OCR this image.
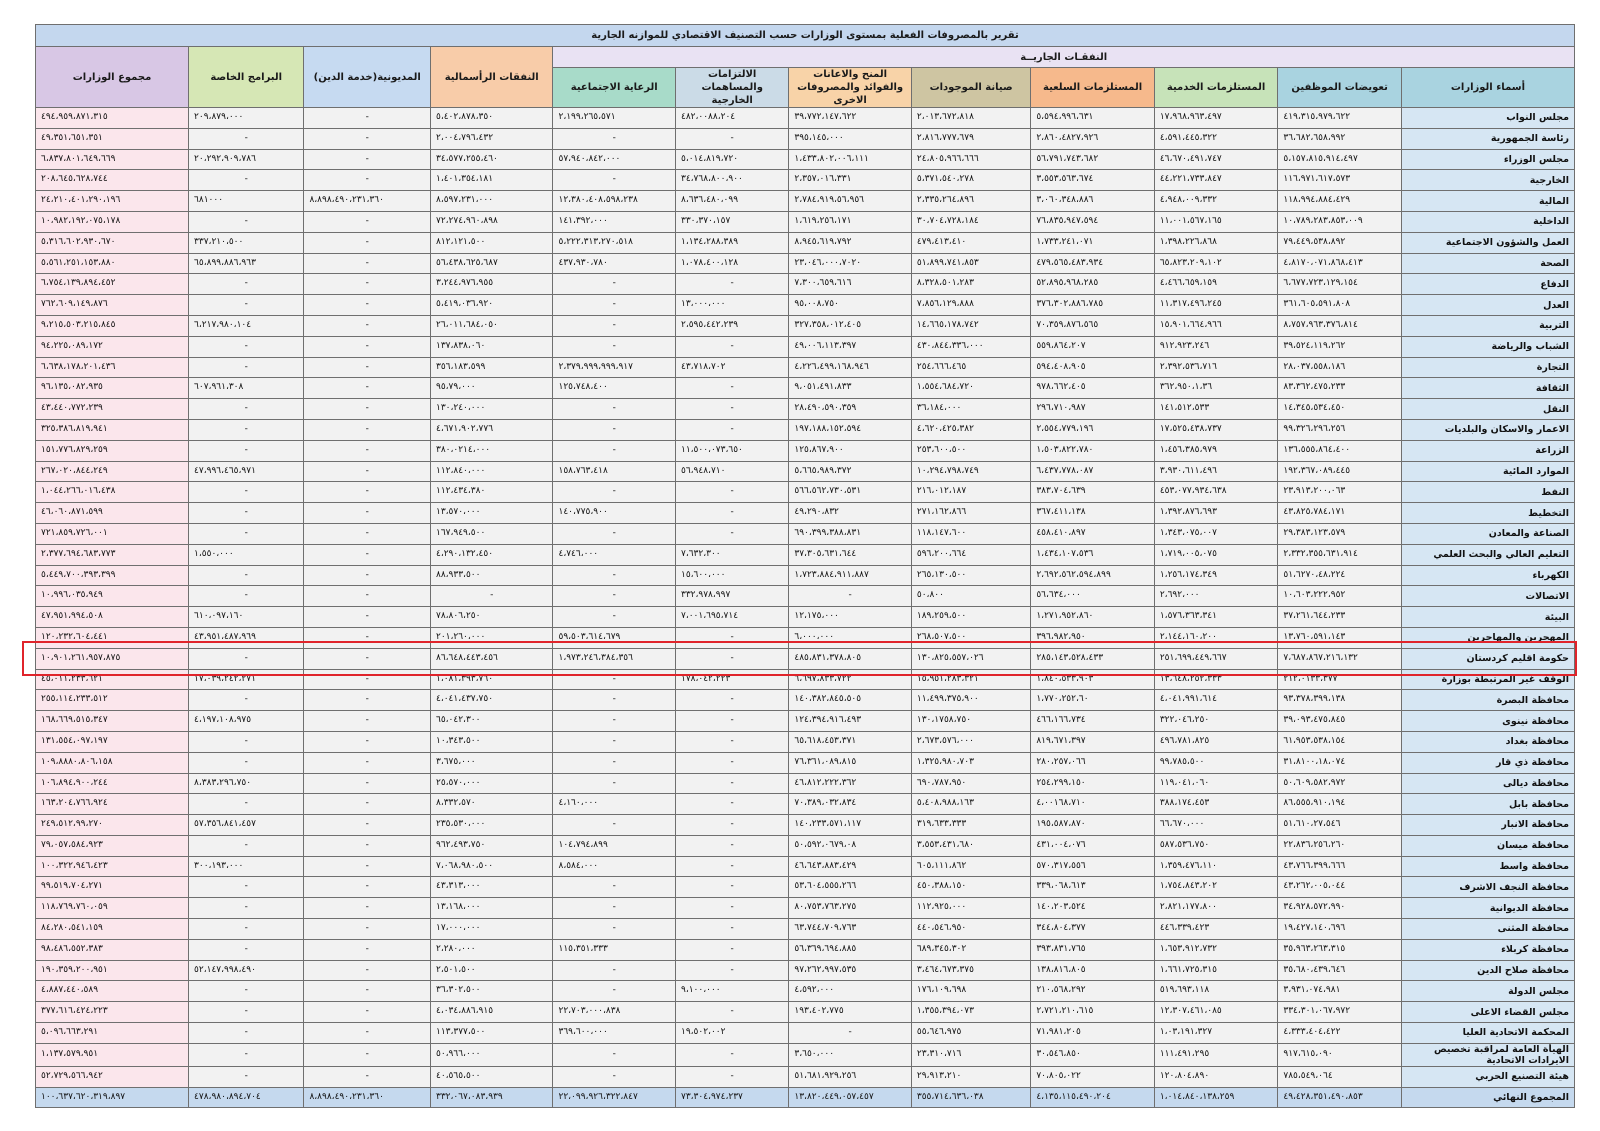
تقرير بالمصروفات الفعلية بمستوى الوزارات حسب التصنيف الاقتصادي للموازنه الجارية											
النفقـات الجاريــة								النفقات الرأسمالية	المديونية(خدمة الدين)	البرامج الخاصة	مجموع الوزارات
أسماء الوزارات	تعويضات الموظفين	المستلزمات الخدمية	المستلزمات السلعية	صيانة الموجودات	المنح والاعانات والفوائد والمصروفات الاخرى	الالتزامات والمساهمات الخارجية	الرعاية الاجتماعية				
مجلس النواب	٤١٩،٣١٥،٩٧٩،٦٢٢	١٧،٩٦٨،٩٦٣،٤٩٧	٥،٥٩٤،٩٩٦،٦٣١	٢،٠١٣،٦٧٢،٨١٨	٣٩،٧٧٢،١٤٧،٦٢٢	٤٨٢،٠٠٨٨،٢٠٤	٢،١٩٩،٢٦٥،٥٧١	٥،٤٠٢،٨٧٨،٣٥٠	-	٢٠٩،٨٧٩،٠٠٠	٤٩٤،٩٥٩،٨٧١،٣١٥
رئاسة الجمهورية	٣٦،٦٨٢،٦٥٨،٩٩٢	٤،٥٩١،٤٤٥،٣٢٢	٢،٨٦٠،٤٨٢٧،٩٢٦	٢،٨١٦،٧٧٧،٦٧٩	٣٩٥،١٤٥،٠٠٠	-	-	٢،٠٠٤،٧٩٦،٤٣٢	-	-	٤٩،٣٥١،٦٥١،٣٥١
مجلس الوزراء	٥،١٥٧،٨١٥،٩١٤،٤٩٧	٤٦،٦٧٠،٤٩١،٧٤٧	٥٦،٧٩١،٧٤٣،٦٨٢	٢٤،٨٠٥،٩٦٦،٦٦٦	١،٤٣٣،٨٠٢،٠٠٦،١١١	٥،٠١٤،٨١٩،٧٢٠	٥٧،٩٤٠،٨٤٢،٠٠٠	٣٤،٥٧٧،٢٥٥،٤٦٠	-	٢٠،٢٩٢،٩٠٩،٧٨٦	٦،٨٣٧،٨٠١،٦٤٩،٦٦٩
الخارجية	١١٦،٩٧١،٦١٧،٥٧٣	٤٤،٢٢١،٧٣٣،٨٤٧	٣،٥٥٣،٥٦٣،٦٧٤	٥،٣٧١،٥٤٠،٢٧٨	٢،٣٥٧،٠١٦،٣٣١	٣٤،٧٦٨،٨٠٠،٩٠٠	-	١،٤٠١،٣٥٤،١٨١	-	-	٢٠٨،٦٤٥،٦٢٨،٧٤٤
المالية	١١٨،٩٩٤،٨٨٤،٤٢٩	٤،٩٤٨،٠٠٩،٣٣٢	٣،٠٦٠،٣٤٨،٨٨٦	٢،٣٣٥،٢٦٤،٨٩٦	٢،٧٨٤،٩١٩،٥٦،٩٥٦	٨،٦٣٦،٤٨٠،٠٩٩	١٢،٣٨٠،٤٠٨،٥٩٨،٢٣٨	٨،٥٩٧،٢٣١،٠٠٠	٨،٨٩٨،٤٩٠،٢٣١،٣٦٠	٦٨١٠٠٠	٢٤،٢١٠،٤٠١،٢٩٠،١٩٦
الداخلية	١٠،٧٨٩،٢٨٣،٨٥٣،٠٠٩	١١،٠٠١،٥٦٧،١٦٥	٧٦،٨٣٥،٩٤٧،٥٩٤	٣٠،٧٠٤،٧٢٨،١٨٤	١،٦١٩،٢٥٦،١٧١	٣٣٠،٣٧٠،١٥٧	١٤١،٣٩٢،٠٠٠	٧٢،٢٧٤،٩٦٠،٨٩٨	-	-	١٠،٩٨٢،١٩٢،٠٧٥،١٧٨
العمل والشؤون الاجتماعية	٧٩،٤٤٩،٥٣٨،٨٩٢	١،٣٩٨،٢٢٦،٨٦٨	١،٧٣٣،٢٤١،٠٧١	٤٧٩،٤١٣،٤١٠	٨،٩٤٥،٦١٩،٧٩٢	١،١٣٤،٢٨٨،٣٨٩	٥،٢٢٢،٣١٣،٢٧٠،٥١٨	٨١٢،١٢١،٥٠٠	-	٣٣٧،٢١٠،٥٠٠	٥،٣١٦،٦٠٢،٩٣٠،٦٧٠
الصحة	٤،٨١٧٠،٠٧١،٨٦٨،٤١٣	٦٥،٨٢٣،٢٠٩،١٠٢	٤٧٩،٥٦٥،٤٨٣،٩٣٤	٥١،٨٩٩،٧٤١،٨٥٣	٢٣،٠٤٦،٠٠٠،٧٠٢٠	١،٠٧٨،٤٠٠،١٢٨	٤٣٧،٩٣٠،٧٨٠	٥٦،٤٣٨،٦٢٥،٦٨٧	-	٦٥،٨٩٩،٨٨٦،٩٦٣	٥،٥٦١،٢٥١،١٥٣،٨٨٠
الدفاع	٦،٦٧٧،٧٢٣،١٢٩،١٥٤	٤،٤٦٦،٦٥٩،١٥٩	٥٢،٨٩٥،٩٦٨،٢٨٥	٨،٣٢٨،٥٠١،٢٨٣	٧،٣٠٠،٦٥٩،٦١٦	-	-	٣،٢٤٤،٩٧٦،٩٥٥	-	-	٦،٧٥٤،١٣٩،٨٩٤،٤٥٢
العدل	٣٦١،٦٠٥،٥٩١،٨٠٨	١١،٣١٧،٤٩٦،٢٤٥	٣٧٦،٣٠٢،٨٨٦،٧٨٥	٧،٨٥٦،١٢٩،٨٨٨	٩٥،٠٠٨،٧٥٠	١٣،٠٠٠،٠٠٠	-	٥،٤١٩،٠٣٦،٩٢٠	-	-	٧٦٢،٦٠٩،١٤٩،٨٧٦
التربية	٨،٧٥٧،٩٦٣،٣٧٦،٨١٤	١٥،٩٠١،٦٦٤،٩٦٦	٧٠،٣٥٩،٨٧٦،٥٦٥	١٤،٦٦٥،١٧٨،٧٤٢	٣٢٧،٣٥٨،٠١٢،٤٠٥	٢،٥٩٥،٤٤٢،٢٣٩	-	٢٦،٠١١،٦٨٤،٠٥٠	-	٦،٢١٧،٩٨٠،١٠٤	٩،٢١٥،٥٠٣،٢١٥،٨٤٥
الشباب والرياضة	٣٩،٥٢٤،١١٩،٢٦٢	٩١٢،٩٢٣،٢٤٦	٥٥٩،٨٦٤،٢٠٧	٤٣٠،٨٤٤،٣٣٦،٠٠٠	٤٩،٠٠٦،١١٣،٣٩٧	-	-	١٣٧،٨٣٨،٠٦٠	-	-	٩٤،٢٢٥،٠٨٩،١٧٢
التجارة	٢٨،٠٣٧،٥٥٨،١٨٦	٢،٣٩٢،٥٣٦،٧١٦	٥٩٤،٤٠٨،٩٠٥	٢٥٤،٦٦٦،٤٦٥	٤،٢٢٦،٤٩٩،١٦٨،٩٤٦	٤٣،٧١٨،٧٠٢	٢،٣٧٩،٩٩٩،٩٩٩،٩١٧	٣٥٦،١٨٣،٥٩٩	-	-	٦،٦٣٨،١٧٨،٢٠١،٤٣٦
الثقافة	٨٣،٣٦٢،٤٧٥،٢٣٣	٣٦٢،٩٥٠،١،٣٦	٩٧٨،٦٦٢،٤٠٥	١،٥٥٤،٦٨٤،٧٢٠	٩،٠٥١،٤٩١،٨٣٣	-	١٢٥،٧٤٨،٤٠٠	٩٥،٧٩،٠٠٠	-	٦٠٧،٩٦١،٣٠٨	٩٦،١٣٥،٠٨٢،٩٣٥
النقل	١٤،٣٤٥،٥٣٤،٤٥٠	١٤١،٥١٢،٥٣٣	٢٩٦،٧١٠،٩٨٧	٣٦،١٨٤،٠٠٠	٢٨،٤٩٠،٥٩٠،٣٥٩	-	-	١٣٠،٢٤٠،٠٠٠	-	-	٤٣،٤٤٠،٧٧٢،٢٣٩
الاعمار والاسكان والبلديات	٩٩،٣٢٦،٢٩٦،٢٥٦	١٧،٥٢٥،٤٣٨،٧٣٧	٢،٥٥٤،٧٧٩،١٩٦	٤،٦٢٠،٤٢٥،٣٨٢	١٩٧،١٨٨،١٥٢،٥٩٤	-	-	٤،٦٧١،٩٠٢،٧٧٦	-	-	٣٢٥،٣٨٦،٨١٩،٩٤١
الزراعة	١٣٦،٥٥٥،٨٦٤،٤٠٠	١،٤٥٦،٣٨٥،٩٧٩	١،٥٠٣،٨٢٢،٧٨٠	٢٥٣،٦٠٠،٥٠٠	١٢٥،٨٦٧،٩٠٠	١١،٥٠٠،٠٧٣،٦٥٠	-	٣٨٠،٠٢١٤،٠٠٠	-	-	١٥١،٧٧٦،٨٢٩،٢٥٩
الموارد المائية	١٩٢،٣٦٧،٠٨٩،٤٤٥	٣،٩٣٠،٦١١،٤٩٦	٦،٤٣٧،٧٧٨،٠٨٧	١٠،٢٩٤،٧٩٨،٧٤٩	٥،٦٦٥،٩٨٩،٣٧٢	٥٦،٩٤٨،٧١٠	١٥٨،٧٦٣،٤١٨	١١٢،٨٤٠،٠٠٠	-	٤٧،٩٩٦،٤٦٥،٩٧١	٢٦٧،٠٢٠،٨٤٤،٢٤٩
النفط	٢٣،٩١٣،٢٠٠،٠٦٣	٤٥٣،٠٧٧،٩٣٤،٦٣٨	٣٨٣،٧٠٤،٦٣٩	٢١٦،٠١٢،١٨٧	٥٦٦،٥٦٢،٧٣٠،٥٣١	-	-	١١٢،٤٣٤،٣٨٠	-	-	١،٠٤٤،٢٦٦،٠١٦،٤٣٨
التخطيط	٤٣،٨٢٥،٧٨٤،١٧١	١،٣٩٢،٨٧٦،٦٩٣	٣٦٧،٤١١،١٣٨	٢٧١،١٦٢،٨٦٦	٤٩،٢٩٠،٨٣٢	-	١٤٠،٧٧٥،٩٠٠	١٣،٥٧٠،٠٠٠	-	-	٤٦،٠٦٠،٨٧١،٥٩٩
الصناعة والمعادن	٢٩،٣٨٣،١٢٣،٥٧٩	١،٣٤٣،٠٧٥،٠٠٧	٤٥٨،٤١٠،٨٩٧	١١٨،١٤٧،٦٠٠	٦٩٠،٣٩٩،٣٨٨،٨٣١	-	-	١٦٧،٩٤٩،٥٠٠	-	-	٧٢١،٨٥٩،٧٢٦،٠٠١
التعليم العالي والبحث العلمي	٢،٣٣٢،٣٥٥،٦٣١،٩١٤	١،٧١٩،٠٠٥،٠٧٥	١،٤٣٤،١٠٧،٥٣٦	٥٩٦،٢٠٠،٦٦٤	٣٧،٣٠٥،٦٣١،٦٤٤	٧،٦٣٢،٣٠٠	٤،٧٤٦،٠٠٠	٤،٢٩٠،١٣٢،٤٥٠	-	١،٥٥٠،٠٠٠	٢،٣٧٧،٦٩٤،٦٨٣،٧٧٣
الكهرباء	٥١،٦٢٧٠،٤٨،٢٢٤	١،٢٥٦،١٧٤،٣٤٩	٢،٦٩٢،٥٦٢،٥٩٤،٨٩٩	٢٦٥،١٣٠،٥٠٠	١،٧٢٣،٨٨٤،٩١١،٨٨٧	١٥،٦٠٠،٠٠٠	-	٨٨،٩٣٣،٥٠٠	-	-	٥،٤٤٩،٧٠٠،٣٩٣،٣٩٩
الاتصالات	١٠،٦٠٣،٢٢٢،٩٥٢	٢،٦٩٢،٠٠٠	٥٦،٦٣٤،٠٠٠	٥٠،٨٠٠	-	٣٣٢،٩٧٨،٩٩٧	-	-	-	-	١٠،٩٩٦،٠٣٥،٩٤٩
البيئة	٣٧،٢٦١،٦٤٤،٢٣٣	١،٥٧٦،٣٦٣،٣٤١	١،٢٧١،٩٥٢،٨٦٠	١٨٩،٢٥٩،٥٠٠	١٢،١٧٥،٠٠٠	٧،٠٠١،٦٩٥،٧١٤	-	٧٨،٨٠٦،٢٥٠	-	٦١٠،٠٩٧،١٦٠	٤٧،٩٥١،٩٩٤،٥٠٨
المهجرين والمهاجرين	١٣،٧٦٠،٥٩١،١٤٣	٢،١٤٤،١٦٠،٢٠٠	٣٩٦،٩٨٢،٩٥٠	٢٦٨،٥٠٧،٥٠٠	٦،٠٠٠،٠٠٠	-	٥٩،٥٠٣،٦١٤،٦٧٩	٢٠١،٢٦٠،٠٠٠	-	٤٣،٩٥١،٤٨٧،٩٦٩	١٢٠،٢٣٢،٦٠٤،٤٤١
حكومة اقليم كردستان	٧،٦٨٧،٨٦٧،٢١٦،١٣٢	٢٥١،٦٩٩،٤٤٩،٦٦٧	٢٨٥،١٤٣،٥٢٨،٤٣٣	١٣٠،٨٢٥،٥٥٧،٠٢٦	٤٨٥،٨٣١،٣٧٨،٨٠٥	-	١،٩٧٣،٢٤٦،٣٨٤،٣٥٦	٨٦،٦٤٨،٤٤٣،٤٥٦	-	-	١٠،٩٠١،٢٦١،٩٥٧،٨٧٥
الوقف غير المرتبطة بوزارة	٢١٢،٠١٣٣،٣٧٧	١٣،٦٤٨،٢٥٢،٣٣٣	١،٨٤٠،٥٣٣،٩٠٣	١٥،٩٥١،٢٨٣،٣٢١	٦،٦٩٧،٨٣٣،٧٢٢	١٧٨،٠٤٢،٢٢٣	-	١،٠٨١،٣٩٣،٧٦٠	-	١٧،٠٣٩،٢٤٢،٢٧١	٤٥،٠١١،٢٣٣،٦٢١
محافظة البصرة	٩٣،٣٧٨،٣٩٩،١٣٨	٤،٠٤١،٩٩١،٦١٤	١،٧٧٠،٢٥٢،٦٠	١١،٤٩٩،٣٧٥،٩٠٠	١٤٠،٣٨٢،٨٤٥،٥٠٥	-	-	٤،٠٤١،٤٣٧،٧٥٠	-	-	٢٥٥،١١٤،٢٣٣،٥١٢
محافظة نينوى	٣٩،٠٩٣،٤٧٥،٨٤٥	٣٢٢،٠٤٦،٢٥٠	٤٦٦،١٦٦،٧٣٤	١٣٠،١٧٥٨،٧٥٠	١٢٤،٣٩٤،٩١٦،٤٩٣	-	-	٦٥،٠٤٢،٣٠٠	-	٤،١٩٧،١٠٨،٩٧٥	١٦٨،٦٦٩،٥١٥،٣٤٧
محافظة بغداد	٦١،٩٥٣،٥٣٨،١٥٤	٤٩٦،٧٨١،٨٢٥	٨١٩،٦٧١،٣٩٧	٢،٦٧٣،٥٧٦،٠٠٠	٦٥،٦١٨،٤٥٣،٣٧١	-	-	١٠،٣٤٣،٥٠٠	-	-	١٣١،٥٥٤،٠٩٧،١٩٧
محافظة ذي قار	٣١،٨١٠٠،١٨،٠٧٤	٩٩،٧٨٥،٥٠٠	٢٨٠،٢٥٧،٠٦٦	١،٣٢٥،٩٨٠،٧٠٣	٧٦،٣٦١،٠٨٩،٨١٥	-	-	٣،٦٧٥،٠٠٠	-	-	١٠٩،٨٨٨٠،٨٠٦،١٥٨
محافظة ديالى	٥٠،٦٠٩،٥٨٢،٩٧٢	١١٩،٠٤١،٠٦٠	٢٥٤،٢٩٩،١٥٠	٦٩٠،٧٨٧،٩٥٠	٤٦،٨١٢،٢٢٢،٣٦٢	-	-	٢٥،٥٧٠،٠٠٠	-	٨،٣٨٣،٢٩٦،٧٥٠	١٠٦،٨٩٤،٩٠٠،٢٤٤
محافظة بابل	٨٦،٥٥٥،٩١٠،١٩٤	٣٨٨،١٧٤،٤٥٣	٤،٠٠١٦٨،٧١٠	٥،٤٠٨،٩٨٨،١٦٣	٧٠،٣٨٩،٠٣٢،٨٣٤	-	٤،١٦٠،٠٠٠	٨،٣٣٢،٥٧٠	-	-	١٦٣،٢٠٤،٧٦٦،٩٢٤
محافظة الانبار	٥١،٦١٠،٢٧،٥٤٦	٦٦،٦٧٠،٠٠٠	١٩٥،٥٨٧،٨٧٠	٣١٩،٦٣٣،٣٣٣	١٤٠،٢٣٣،٥٧١،١١٧	-	-	٢٣٥،٥٣٠،٠٠٠	-	٥٧،٣٥٦،٨٤١،٤٥٧	٢٤٩،٥١٢،٩٩،٢٧٠
محافظة ميسان	٢٢،٨٣٦،٢٥٦،٢٦٠	٥٨٧،٥٣٦،٧٥٠	٤٣١،٠٠٤،٠٧٦	٣،٥٥٣،٤٣١،٦٨٠	٥٠،٥٩٢،٠٦٧٩،٠٨	-	١٠٤،٧٩٤،٨٩٩	٩٦٢،٤٩٣،٧٥٠	-	-	٧٩،٠٥٧،٥٨٤،٩٢٣
محافظة واسط	٤٣،٧٦٦،٣٩٩،٦٦٦	١،٣٥٩،٤٧٦،١١٠	٥٧٠،٣١٧،٥٥٦	٦٠٥،١١١،٨٦٢	٤٦،٦٤٣،٨٨٣،٤٢٩	-	٨،٥٨٤،٠٠٠	٧،٠٦٨،٩٨٠،٥٠٠	-	٣٠٠،١٩٣،٠٠٠	١٠٠،٣٢٢،٩٤٦،٤٢٣
محافظة النجف الاشرف	٤٣،٢٦٢،٠٠٥،٠٤٤	١،٧٥٤،٨٤٣،٢٠٢	٣٣٩،٠٦٨،٦١٣	٤٥٠،٣٨٨،١٥٠	٥٣،٦٠٤،٥٥٥،٢٦٦	-	-	٤٣،٣١٣،٠٠٠	-	-	٩٩،٥١٩،٧٠٤،٢٧١
محافظة الديوانية	٣٤،٩٢٨،٥٧٢،٩٩٠	٢،٨٢١،١٧٧،٨٠٠	١٤٠،٢٠٣،٥٢٤	١١٢،٩٢٥،٠٠٠	٨٠،٧٥٣،٧٦٣،٢٧٥	-	-	١٣،١٦٨،٠٠٠	-	-	١١٨،٧٦٩،٧٦٠،٠٥٩
محافظة المثنى	١٩،٤٢٧،١٤٠،٦٩٦	٤٤٦،٣٣٩،٤٢٣	٣٤٤،٨٠٤،٣٧٧	٤٤٠،٥٤٦،٩٥٠	٦٣،٧٤٤،٧٠٩،٧٦٣	-	-	١٧،٠٠٠،٠٠٠	-	-	٨٤،٢٨٠،٥٤١،١٥٩
محافظة كربلاء	٣٥،٩٦٣،٢٦٣،٣١٥	١،٦٥٣،٩١٢،٧٣٢	٣٩٣،٨٣١،٧٦٥	٦٨٩،٣٤٥،٣٠٢	٥٦،٣٦٩،٦٩٤،٨٨٥	-	١١٥،٣٥١،٣٣٣	٢،٢٨٠،٠٠٠	-	-	٩٨،٤٨٦،٥٥٢،٣٨٣
محافظة صلاح الدين	٣٥،٦٨٠،٤٣٩،٦٤٦	١،٦٦١،٧٢٥،٣١٥	١٣٨،٨١٦،٨٠٥	٣،٤٦٤،٦٧٣،٣٧٥	٩٧،٢٦٢،٩٩٧،٥٣٥	-	-	٢،٥٠١،٥٠٠	-	٥٢،١٤٧،٩٩٨،٤٩٠	١٩٠،٣٥٩،٢٠٠،٩٥١
مجلس الدولة	٣،٩٣١،٠٧٤،٩٨١	٥١٩،٦٩٣،١١٨	٢١٠،٥٦٨،٢٩٢	١٧٦،١٠٩،٦٩٨	٤،٥٩٢،٠٠٠	٩،١٠٠،٠٠٠	-	٣٦،٣٠٢،٥٠٠	-	-	٤،٨٨٧،٤٤٠،٥٨٩
مجلس القضاء الاعلى	٣٣٤،٣٠١،٠٦٧،٩٧٢	١٢،٣٠٧،٤٦١،٠٨٥	٢،٧٢١،٢١٠،٦١٥	١،٣٥٥،٣٩٤،٠٧٣	١٩٣،٤٠٢،٧٧٥	-	٢٢،٧٠٣،٠٠٠،٨٣٨	٤،٠٣٤،٨٨٦،٩١٥	-	-	٣٧٧،٦١٦،٤٢٤،٢٢٣
المحكمة الاتحادية العليا	٤،٣٣٣،٤٠٤،٤٢٢	١،٠٣،١٩١،٣٢٧	٧١،٩٨١،٢٠٥	٥٥،٦٤٦،٩٧٥	-	١٩،٥٠٢،٠٠٢	٣٦٩،٦٠٠،٠٠٠	١١٣،٣٧٧،٥٠٠	-	-	٥،٠٩٦،٦٦٣،٢٩١
الهيأة العامة لمراقبة تخصيص الايرادات الاتحادية	٩١٧،٦١٥،٠٩٠	١١١،٤٩١،٢٩٥	٣٠،٥٤٦،٨٥٠	٢٣،٣١٠،٧١٦	٣،٦٥٠،٠٠٠	-	-	٥٠،٩٦٦،٠٠٠	-	-	١،١٣٧،٥٧٩،٩٥١
هيئة التصنيع الحربي	٧٨٥،٥٤٩،٠٦٤	١٢٠،٨٠٤،٨٩٠	٧٠،٨٠٥،٠٢٢	٢٩،٩١٣،٢١٠	٥١،٦٨١،٩٢٩،٢٥٦	-	-	٤٠،٥٦٥،٥٠٠	-	-	٥٢،٧٢٩،٥٦٦،٩٤٢
المجموع النهائي	٤٩،٤٢٨،٣٥١،٤٩٠،٨٥٣	١،٠١٤،٨٤٠،١٣٨،٢٥٩	٤،١٣٥،١١٥،٤٩٠،٢٠٤	٣٥٥،٧١٤،٦٣٦،٠٣٨	١٣،٨٢٠،٤٤٩،٠٥٧،٤٥٧	٧٣،٣٠٤،٩٧٤،٢٣٧	٢٢،٠٩٩،٩٢٦،٣٢٢،٨٤٧	٣٣٢،٠٦٧،٠٨٣،٩٣٩	٨،٨٩٨،٤٩٠،٢٣١،٣٦٠	٤٧٨،٩٨٠،٨٩٤،٧٠٤	١٠٠،٦٣٧،٦٢٠،٣١٩،٨٩٧
